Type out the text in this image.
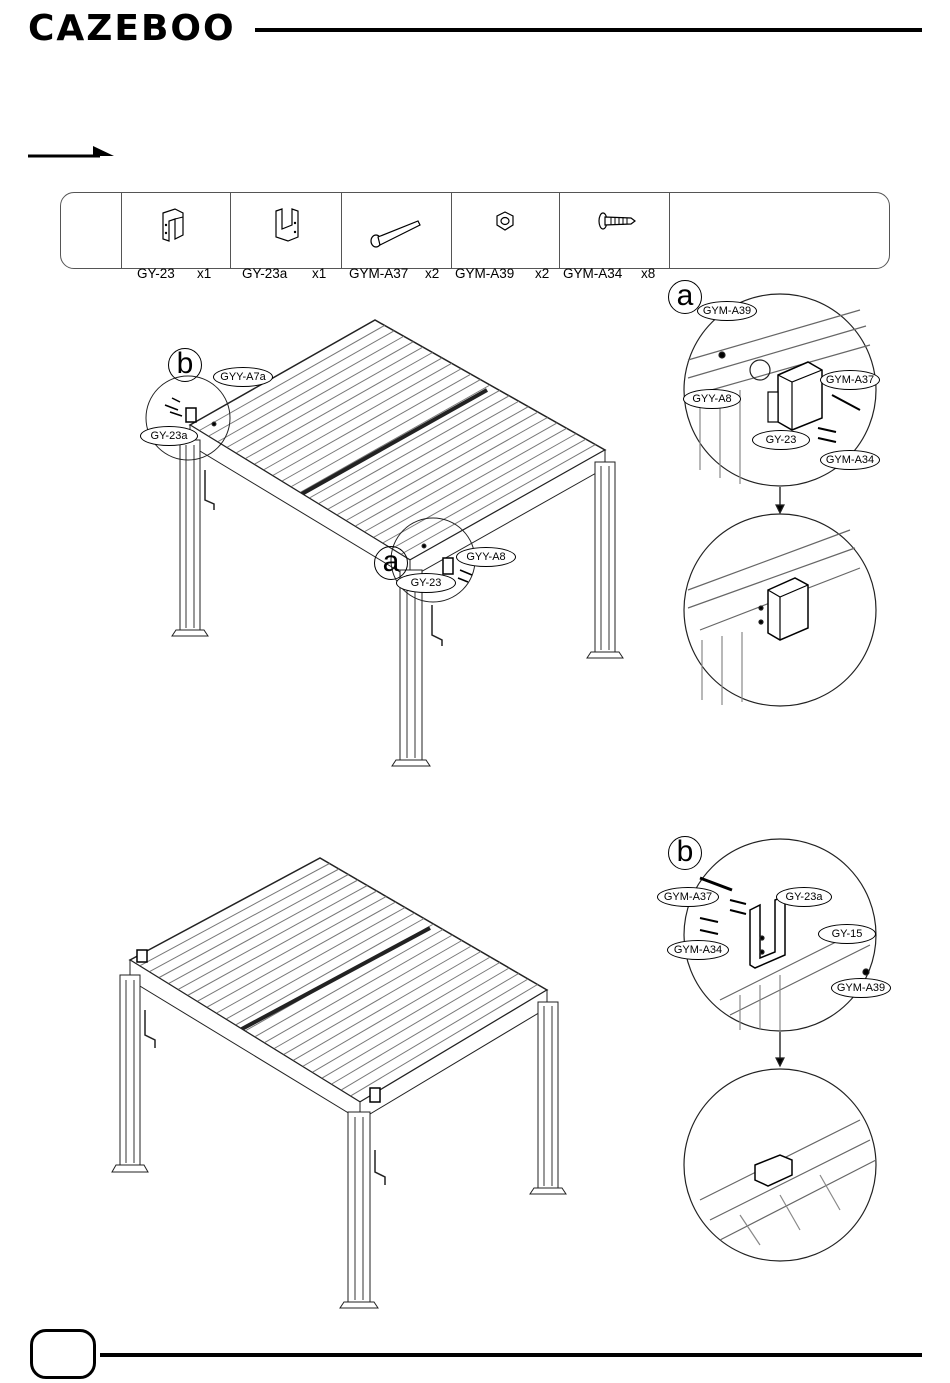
CAZEBOO
GY-23 x1 GY-23a x1 GYM-A37 x2 GYM-A39 x2 GYM-A34 x8
b
a
GYY-A7a
GY-23a
GYY-A8
GY-23
a GYM-A39
GYM-A37
GYY-A8
GY-23
GYM-A34
b
GYM-A37	GY-23a
GY-15
GYM-A34
GYM-A39
